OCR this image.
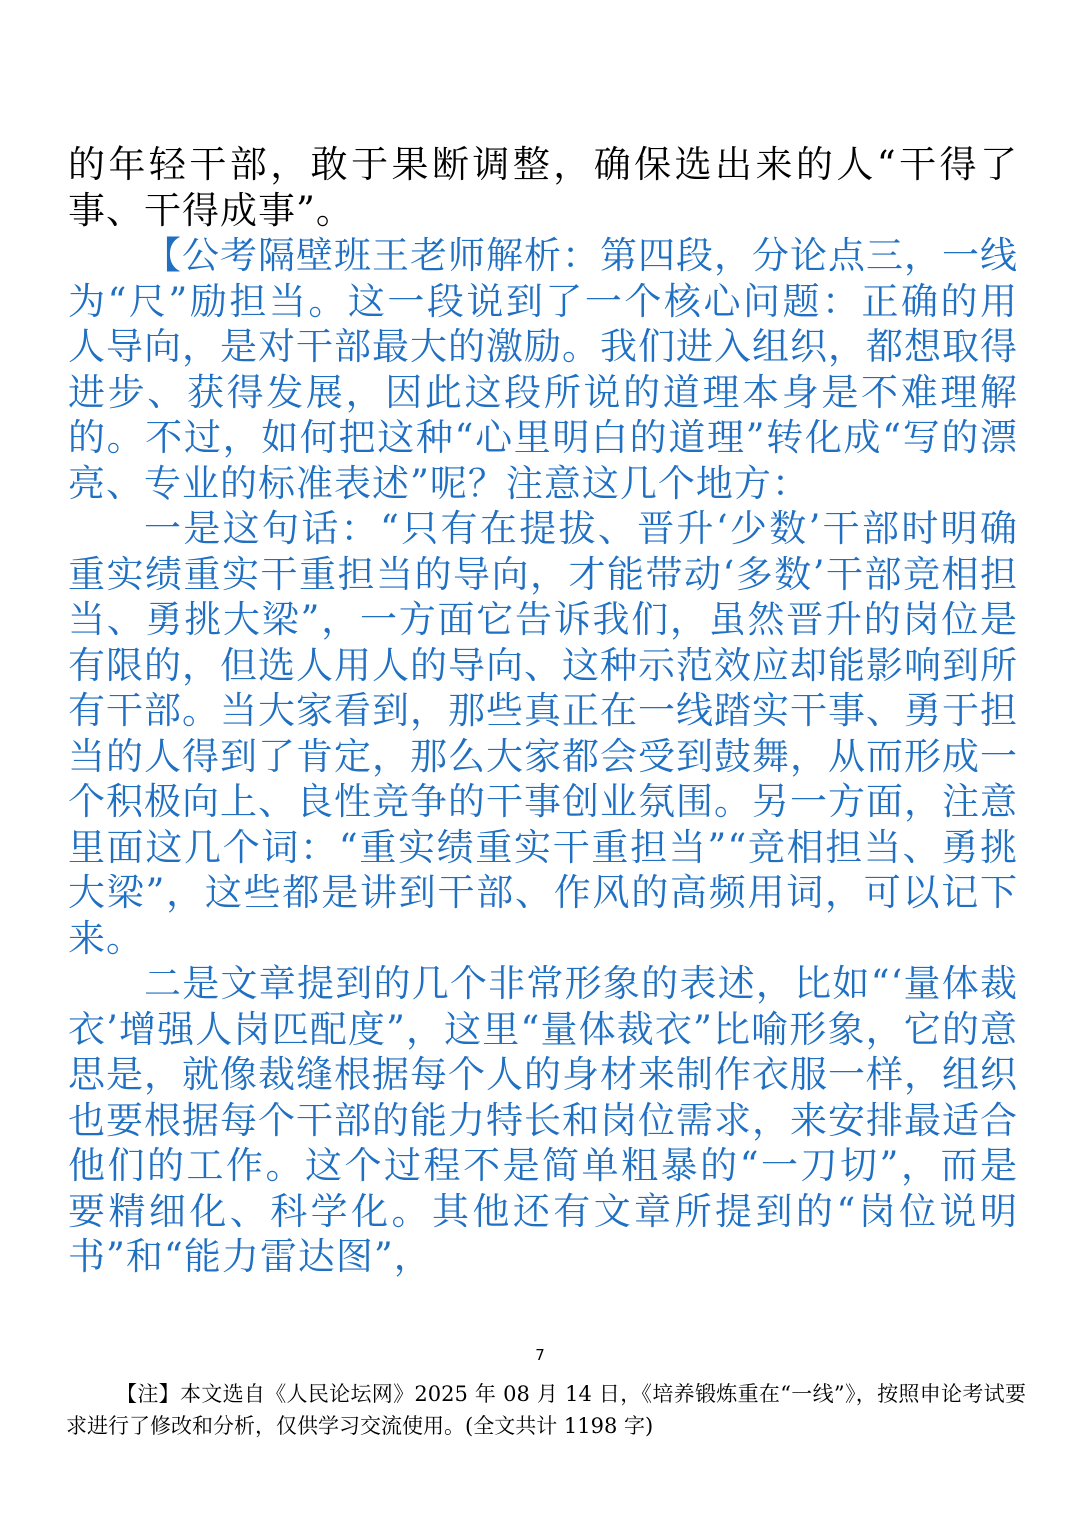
的年轻干部，敢于果断调整，确保选出来的人“干得了事、干得成事”。

【公考隔壁班王老师解析：第四段，分论点三，一线为“尺”励担当。这一段说到了一个核心问题：正确的用人导向，是对干部最大的激励。我们进入组织，都想取得进步、获得发展，因此这段所说的道理本身是不难理解的。不过，如何把这种“心里明白的道理”转化成“写的漂亮、专业的标准表述”呢？注意这几个地方：

一是这句话：“只有在提拔、晋升‘少数’干部时明确重实绩重实干重担当的导向，才能带动‘多数’干部竞相担当、勇挑大梁”，一方面它告诉我们，虽然晋升的岗位是有限的，但选人用人的导向、这种示范效应却能影响到所有干部。当大家看到，那些真正在一线踏实干事、勇于担当的人得到了肯定，那么大家都会受到鼓舞，从而形成一个积极向上、良性竞争的干事创业氛围。另一方面，注意里面这几个词：“重实绩重实干重担当”“竞相担当、勇挑大梁”，这些都是讲到干部、作风的高频用词，可以记下来。

二是文章提到的几个非常形象的表述，比如“‘量体裁衣’增强人岗匹配度”，这里“量体裁衣”比喻形象，它的意思是，就像裁缝根据每个人的身材来制作衣服一样，组织也要根据每个干部的能力特长和岗位需求，来安排最适合他们的工作。这个过程不是简单粗暴的“一刀切”，而是要精细化、科学化。其他还有文章所提到的“岗位说明书”和“能力雷达图”，

7
【注】本文选自《人民论坛网》2025 年 08 月 14 日，《培养锻炼重在“一线”》，按照申论考试要求进行了修改和分析，仅供学习交流使用。(全文共计 1198 字)
